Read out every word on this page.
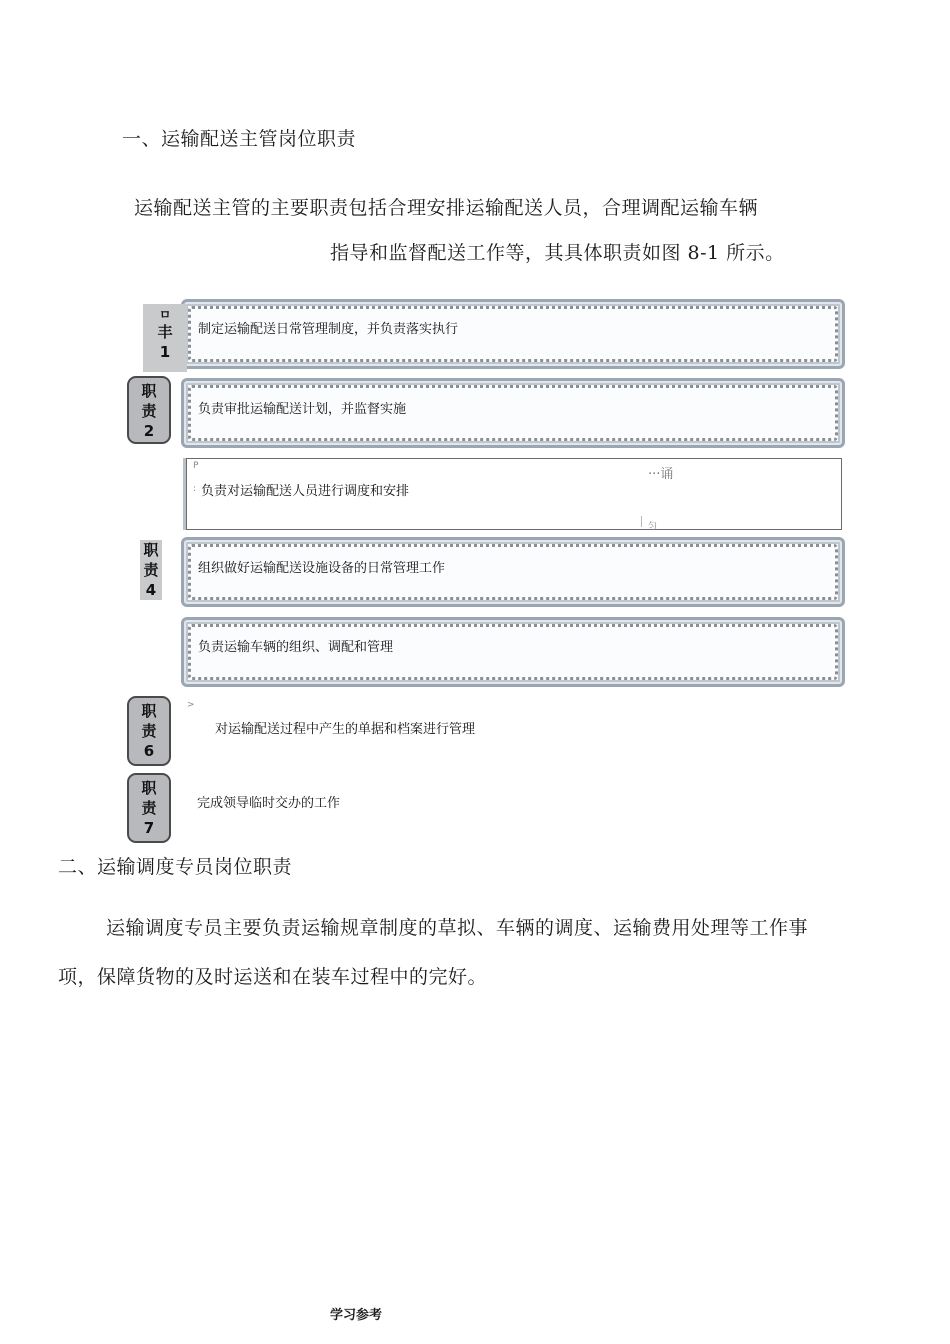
一、运输配送主管岗位职责
运输配送主管的主要职责包括合理安排运输配送人员，合理调配运输车辆
指导和监督配送工作等，其具体职责如图 8-1 所示。
制定运输配送日常管理制度，并负责落实执行
ㅁ
丰
1
负责审批运输配送计划，并监督实施
职
责
2
P
: 负责对运输配送人员进行调度和安排
···诵
匀
组织做好运输配送设施设备的日常管理工作
职
责
4
负责运输车辆的组织、调配和管理
职
责
6
>
对运输配送过程中产生的单据和档案进行管理
职
责
7
完成领导临时交办的工作
二、运输调度专员岗位职责
运输调度专员主要负责运输规章制度的草拟、车辆的调度、运输费用处理等工作事
项，保障货物的及时运送和在装车过程中的完好。
学习参考
